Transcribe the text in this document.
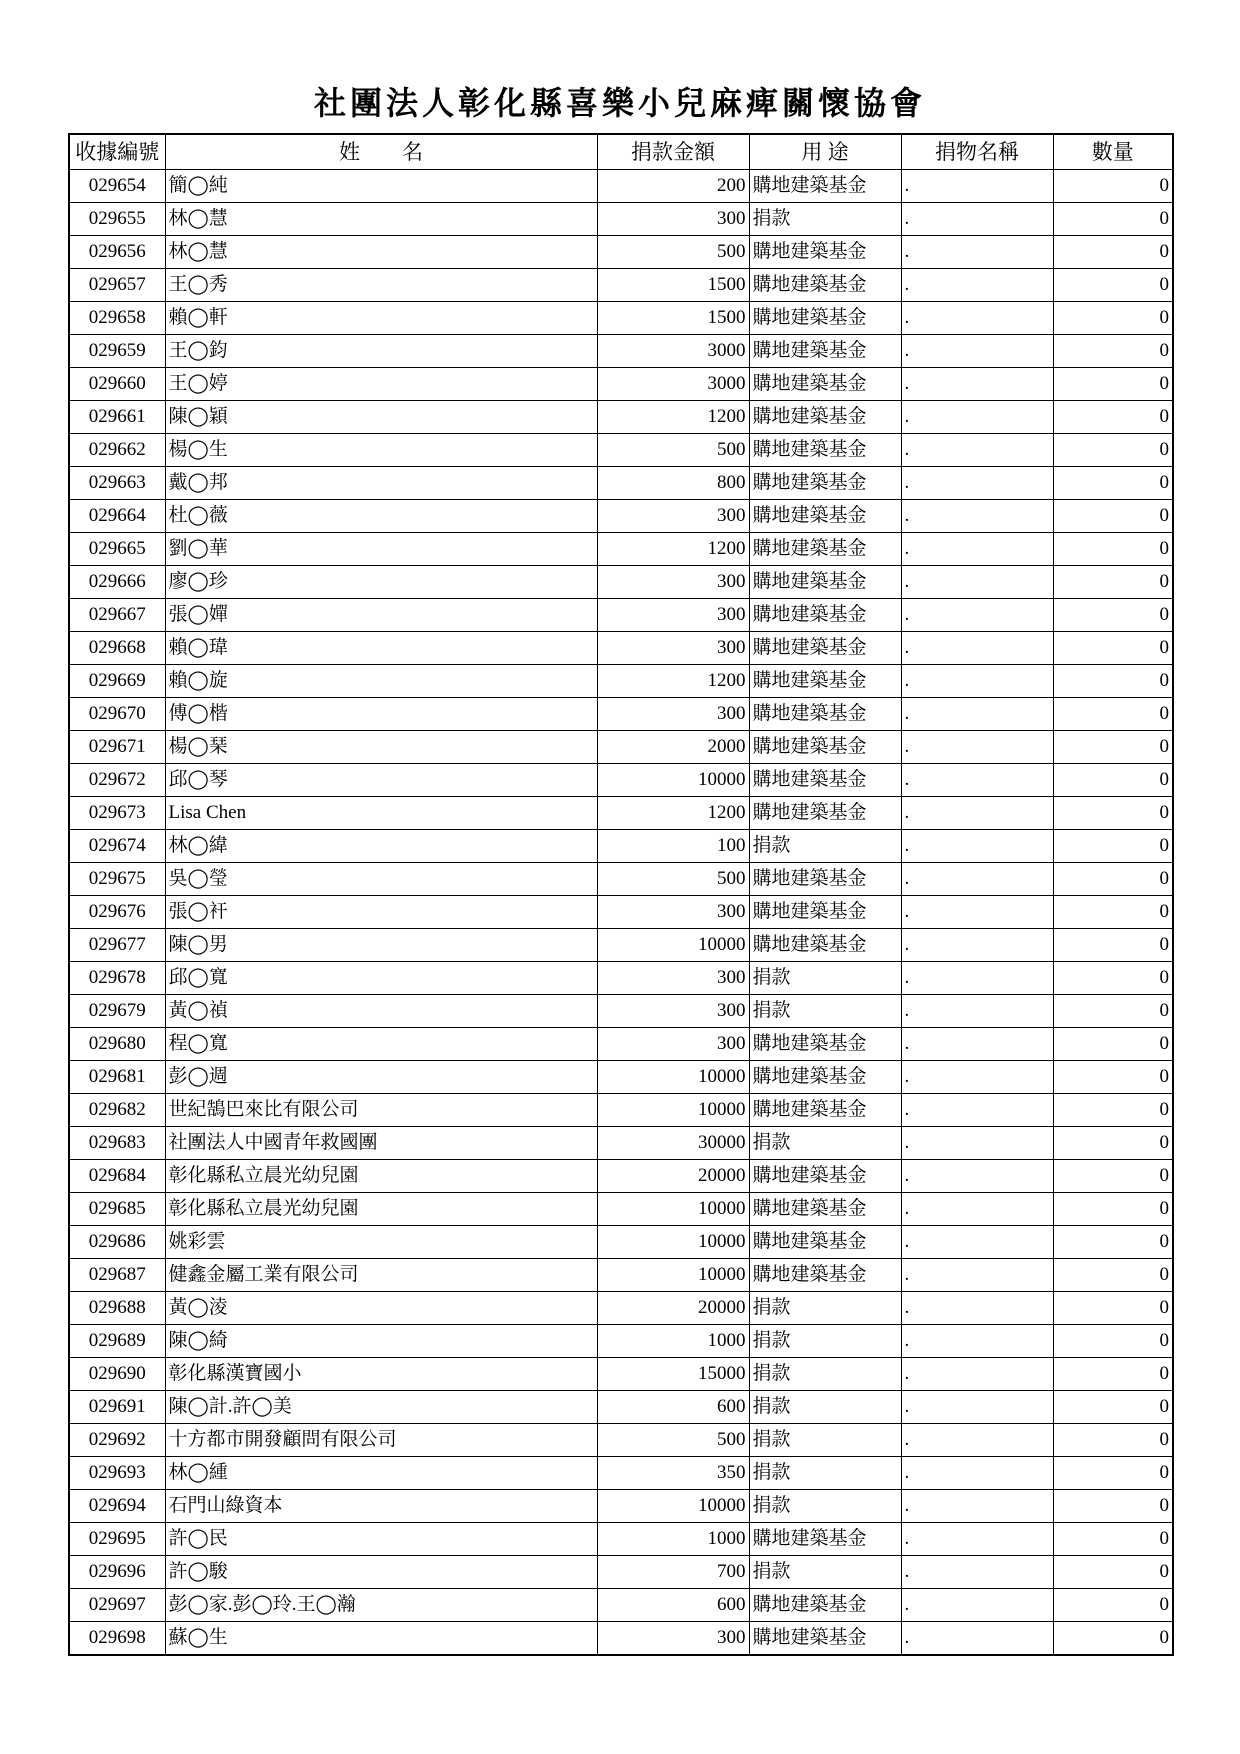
社團法人彰化縣喜樂小兒麻痺關懷協會
收據編號	姓　　名	捐款金額	用 途	捐物名稱	數量
029654	簡◯純	200	購地建築基金	.	0
029655	林◯慧	300	捐款	.	0
029656	林◯慧	500	購地建築基金	.	0
029657	王◯秀	1500	購地建築基金	.	0
029658	賴◯軒	1500	購地建築基金	.	0
029659	王◯鈞	3000	購地建築基金	.	0
029660	王◯婷	3000	購地建築基金	.	0
029661	陳◯穎	1200	購地建築基金	.	0
029662	楊◯生	500	購地建築基金	.	0
029663	戴◯邦	800	購地建築基金	.	0
029664	杜◯薇	300	購地建築基金	.	0
029665	劉◯華	1200	購地建築基金	.	0
029666	廖◯珍	300	購地建築基金	.	0
029667	張◯嬋	300	購地建築基金	.	0
029668	賴◯瑋	300	購地建築基金	.	0
029669	賴◯旋	1200	購地建築基金	.	0
029670	傅◯楷	300	購地建築基金	.	0
029671	楊◯琹	2000	購地建築基金	.	0
029672	邱◯琴	10000	購地建築基金	.	0
029673	Lisa Chen	1200	購地建築基金	.	0
029674	林◯緯	100	捐款	.	0
029675	吳◯瑩	500	購地建築基金	.	0
029676	張◯衦	300	購地建築基金	.	0
029677	陳◯男	10000	購地建築基金	.	0
029678	邱◯寬	300	捐款	.	0
029679	黃◯禎	300	捐款	.	0
029680	程◯寬	300	購地建築基金	.	0
029681	彭◯週	10000	購地建築基金	.	0
029682	世紀鵠巴來比有限公司	10000	購地建築基金	.	0
029683	社團法人中國青年救國團	30000	捐款	.	0
029684	彰化縣私立晨光幼兒園	20000	購地建築基金	.	0
029685	彰化縣私立晨光幼兒園	10000	購地建築基金	.	0
029686	姚彩雲	10000	購地建築基金	.	0
029687	健鑫金屬工業有限公司	10000	購地建築基金	.	0
029688	黃◯淩	20000	捐款	.	0
029689	陳◯綺	1000	捐款	.	0
029690	彰化縣漢寶國小	15000	捐款	.	0
029691	陳◯計.許◯美	600	捐款	.	0
029692	十方都市開發顧問有限公司	500	捐款	.	0
029693	林◯緟	350	捐款	.	0
029694	石門山綠資本	10000	捐款	.	0
029695	許◯民	1000	購地建築基金	.	0
029696	許◯駿	700	捐款	.	0
029697	彭◯家.彭◯玲.王◯瀚	600	購地建築基金	.	0
029698	蘇◯生	300	購地建築基金	.	0
